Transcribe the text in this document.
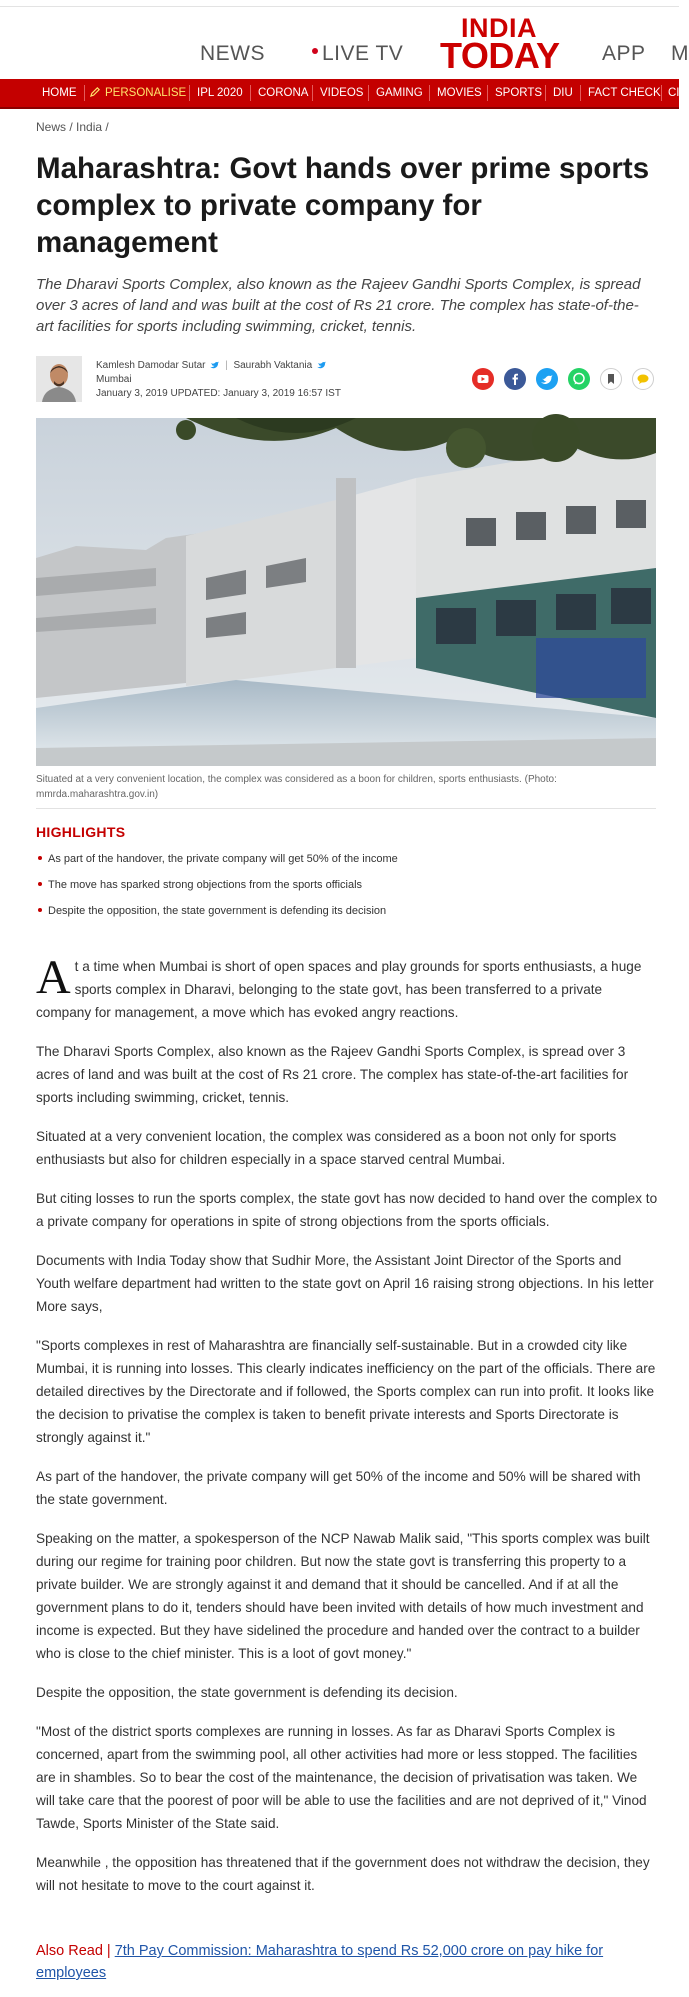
NEWS	LIVE TV
INDIA
TODAY APP M
HOME	PERSONALISE IPL 2020 CORONA VIDEOS GAMING MOVIES SPORTS DIU FACT CHECK CI
News / India /
Maharashtra: Govt hands over prime sports complex to private company for management

The Dharavi Sports Complex, also known as the Rajeev Gandhi Sports Complex, is spread over 3 acres of land and was built at the cost of Rs 21 crore. The complex has state-of-the-art facilities for sports including swimming, cricket, tennis.

Kamlesh Damodar Sutar | Saurabh Vaktania
Mumbai
January 3, 2019 UPDATED: January 3, 2019 16:57 IST

Situated at a very convenient location, the complex was considered as a boon for children, sports enthusiasts. (Photo: mmrda.maharashtra.gov.in)

HIGHLIGHTS
As part of the handover, the private company will get 50% of the income
The move has sparked strong objections from the sports officials
Despite the opposition, the state government is defending its decision

At a time when Mumbai is short of open spaces and play grounds for sports enthusiasts, a huge sports complex in Dharavi, belonging to the state govt, has been transferred to a private company for management, a move which has evoked angry reactions.

The Dharavi Sports Complex, also known as the Rajeev Gandhi Sports Complex, is spread over 3 acres of land and was built at the cost of Rs 21 crore. The complex has state-of-the-art facilities for sports including swimming, cricket, tennis.

Situated at a very convenient location, the complex was considered as a boon not only for sports enthusiasts but also for children especially in a space starved central Mumbai.

But citing losses to run the sports complex, the state govt has now decided to hand over the complex to a private company for operations in spite of strong objections from the sports officials.

Documents with India Today show that Sudhir More, the Assistant Joint Director of the Sports and Youth welfare department had written to the state govt on April 16 raising strong objections. In his letter More says,

"Sports complexes in rest of Maharashtra are financially self-sustainable. But in a crowded city like Mumbai, it is running into losses. This clearly indicates inefficiency on the part of the officials. There are detailed directives by the Directorate and if followed, the Sports complex can run into profit. It looks like the decision to privatise the complex is taken to benefit private interests and Sports Directorate is strongly against it."

As part of the handover, the private company will get 50% of the income and 50% will be shared with the state government.

Speaking on the matter, a spokesperson of the NCP Nawab Malik said, "This sports complex was built during our regime for training poor children. But now the state govt is transferring this property to a private builder. We are strongly against it and demand that it should be cancelled. And if at all the government plans to do it, tenders should have been invited with details of how much investment and income is expected. But they have sidelined the procedure and handed over the contract to a builder who is close to the chief minister. This is a loot of govt money."

Despite the opposition, the state government is defending its decision.

"Most of the district sports complexes are running in losses. As far as Dharavi Sports Complex is concerned, apart from the swimming pool, all other activities had more or less stopped. The facilities are in shambles. So to bear the cost of the maintenance, the decision of privatisation was taken. We will take care that the poorest of poor will be able to use the facilities and are not deprived of it," Vinod Tawde, Sports Minister of the State said.

Meanwhile , the opposition has threatened that if the government does not withdraw the decision, they will not hesitate to move to the court against it.

Also Read | 7th Pay Commission: Maharashtra to spend Rs 52,000 crore on pay hike for employees
